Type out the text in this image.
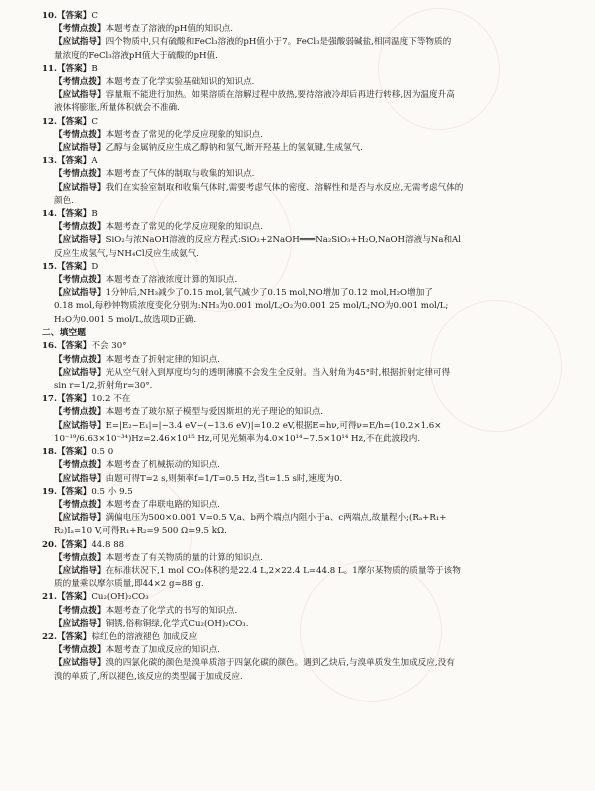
10.【答案】C
【考情点拨】本题考查了溶液的pH值的知识点.
【应试指导】四个物质中,只有硫酸和FeCl₃溶液的pH值小于7。FeCl₃是强酸弱碱盐,相同温度下等物质的
量浓度的FeCl₃溶液pH值大于硫酸的pH值.
11.【答案】B
【考情点拨】本题考查了化学实验基础知识的知识点.
【应试指导】容量瓶不能进行加热。如果溶质在溶解过程中放热,要待溶液冷却后再进行转移,因为温度升高
液体将膨胀,所量体积就会不准确.
12.【答案】C
【考情点拨】本题考查了常见的化学反应现象的知识点.
【应试指导】乙醇与金属钠反应生成乙醇钠和氢气,断开羟基上的氢氧键,生成氢气.
13.【答案】A
【考情点拨】本题考查了气体的制取与收集的知识点.
【应试指导】我们在实验室制取和收集气体时,需要考虑气体的密度、溶解性和是否与水反应,无需考虑气体的
颜色.
14.【答案】B
【考情点拨】本题考查了常见的化学反应现象的知识点.
【应试指导】SiO₂与浓NaOH溶液的反应方程式:SiO₂+2NaOH═══Na₂SiO₃+H₂O,NaOH溶液与Na和Al
反应生成氢气,与NH₄Cl反应生成氨气.
15.【答案】D
【考情点拨】本题考查了溶液浓度计算的知识点.
【应试指导】1分钟后,NH₃减少了0.15 mol,氧气减少了0.15 mol,NO增加了0.12 mol,H₂O增加了
0.18 mol,每秒钟物质浓度变化分别为:NH₃为0.001 mol/L;O₂为0.001 25 mol/L;NO为0.001 mol/L;
H₂O为0.001 5 mol/L,故选项D正确.
二、填空题
16.【答案】不会 30°
【考情点拨】本题考查了折射定律的知识点.
【应试指导】光从空气射入到厚度均匀的透明薄膜不会发生全反射。当入射角为45°时,根据折射定律可得
sin r=1/2,折射角r=30°.
17.【答案】10.2 不在
【考情点拨】本题考查了玻尔原子模型与爱因斯坦的光子理论的知识点.
【应试指导】E=|E₂−E₁|=|−3.4 eV−(−13.6 eV)|=10.2 eV,根据E=hν,可得ν=E/h=(10.2×1.6×
10⁻¹⁹/6.63×10⁻³⁴)Hz=2.46×10¹⁵ Hz,可见光频率为4.0×10¹⁴~7.5×10¹⁴ Hz,不在此波段内.
18.【答案】0.5 0
【考情点拨】本题考查了机械振动的知识点.
【应试指导】由题可得T=2 s,则频率f=1/T=0.5 Hz,当t=1.5 s时,速度为0.
19.【答案】0.5 小 9.5
【考情点拨】本题考查了串联电路的知识点.
【应试指导】满偏电压为500×0.001 V=0.5 V,a、b两个端点内阻小于a、c两端点,故量程小;(Rₐ+R₁+
R₂)Iₐ=10 V,可得R₁+R₂=9 500 Ω=9.5 kΩ.
20.【答案】44.8 88
【考情点拨】本题考查了有关物质的量的计算的知识点.
【应试指导】在标准状况下,1 mol CO₂体积约是22.4 L,2×22.4 L=44.8 L。1摩尔某物质的质量等于该物
质的量乘以摩尔质量,即44×2 g=88 g.
21.【答案】Cu₂(OH)₂CO₃
【考情点拨】本题考查了化学式的书写的知识点.
【应试指导】铜锈,俗称铜绿,化学式Cu₂(OH)₂CO₃.
22.【答案】棕红色的溶液褪色 加成反应
【考情点拨】本题考查了加成反应的知识点.
【应试指导】溴的四氯化碳的颜色是溴单质溶于四氯化碳的颜色。遇到乙炔后,与溴单质发生加成反应,没有
溴的单质了,所以褪色,该反应的类型属于加成反应.
